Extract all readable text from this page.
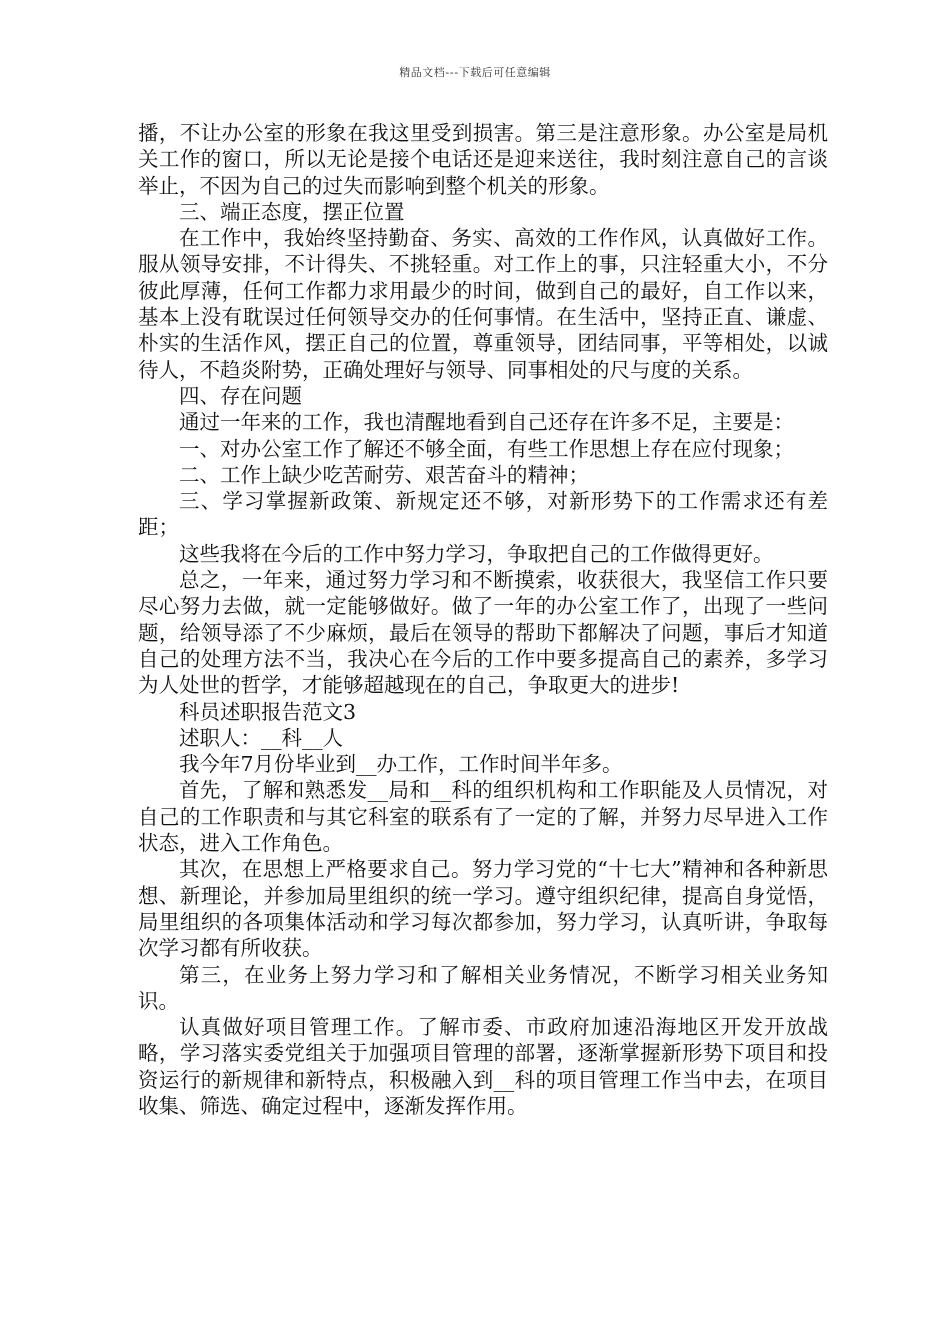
精品文档---下载后可任意编辑

播，不让办公室的形象在我这里受到损害。第三是注意形象。办公室是局机关工作的窗口，所以无论是接个电话还是迎来送往，我时刻注意自己的言谈举止，不因为自己的过失而影响到整个机关的形象。

三、端正态度，摆正位置

在工作中，我始终坚持勤奋、务实、高效的工作作风，认真做好工作。服从领导安排，不计得失、不挑轻重。对工作上的事，只注轻重大小，不分彼此厚薄，任何工作都力求用最少的时间，做到自己的最好，自工作以来，基本上没有耽误过任何领导交办的任何事情。在生活中，坚持正直、谦虚、朴实的生活作风，摆正自己的位置，尊重领导，团结同事，平等相处，以诚待人，不趋炎附势，正确处理好与领导、同事相处的尺与度的关系。

四、存在问题

通过一年来的工作，我也清醒地看到自己还存在许多不足，主要是：

一、对办公室工作了解还不够全面，有些工作思想上存在应付现象；

二、工作上缺少吃苦耐劳、艰苦奋斗的精神；

三、学习掌握新政策、新规定还不够，对新形势下的工作需求还有差距；

这些我将在今后的工作中努力学习，争取把自己的工作做得更好。

总之，一年来，通过努力学习和不断摸索，收获很大，我坚信工作只要尽心努力去做，就一定能够做好。做了一年的办公室工作了，出现了一些问题，给领导添了不少麻烦，最后在领导的帮助下都解决了问题，事后才知道自己的处理方法不当，我决心在今后的工作中要多提高自己的素养，多学习为人处世的哲学，才能够超越现在的自己，争取更大的进步!

科员述职报告范文3

述职人：__科__人

我今年7月份毕业到__办工作，工作时间半年多。

首先，了解和熟悉发__局和__科的组织机构和工作职能及人员情况，对自己的工作职责和与其它科室的联系有了一定的了解，并努力尽早进入工作状态，进入工作角色。

其次，在思想上严格要求自己。努力学习党的“十七大”精神和各种新思想、新理论，并参加局里组织的统一学习。遵守组织纪律，提高自身觉悟，局里组织的各项集体活动和学习每次都参加，努力学习，认真听讲，争取每次学习都有所收获。

第三，在业务上努力学习和了解相关业务情况，不断学习相关业务知识。

认真做好项目管理工作。了解市委、市政府加速沿海地区开发开放战略，学习落实委党组关于加强项目管理的部署，逐渐掌握新形势下项目和投资运行的新规律和新特点，积极融入到__科的项目管理工作当中去，在项目收集、筛选、确定过程中，逐渐发挥作用。
